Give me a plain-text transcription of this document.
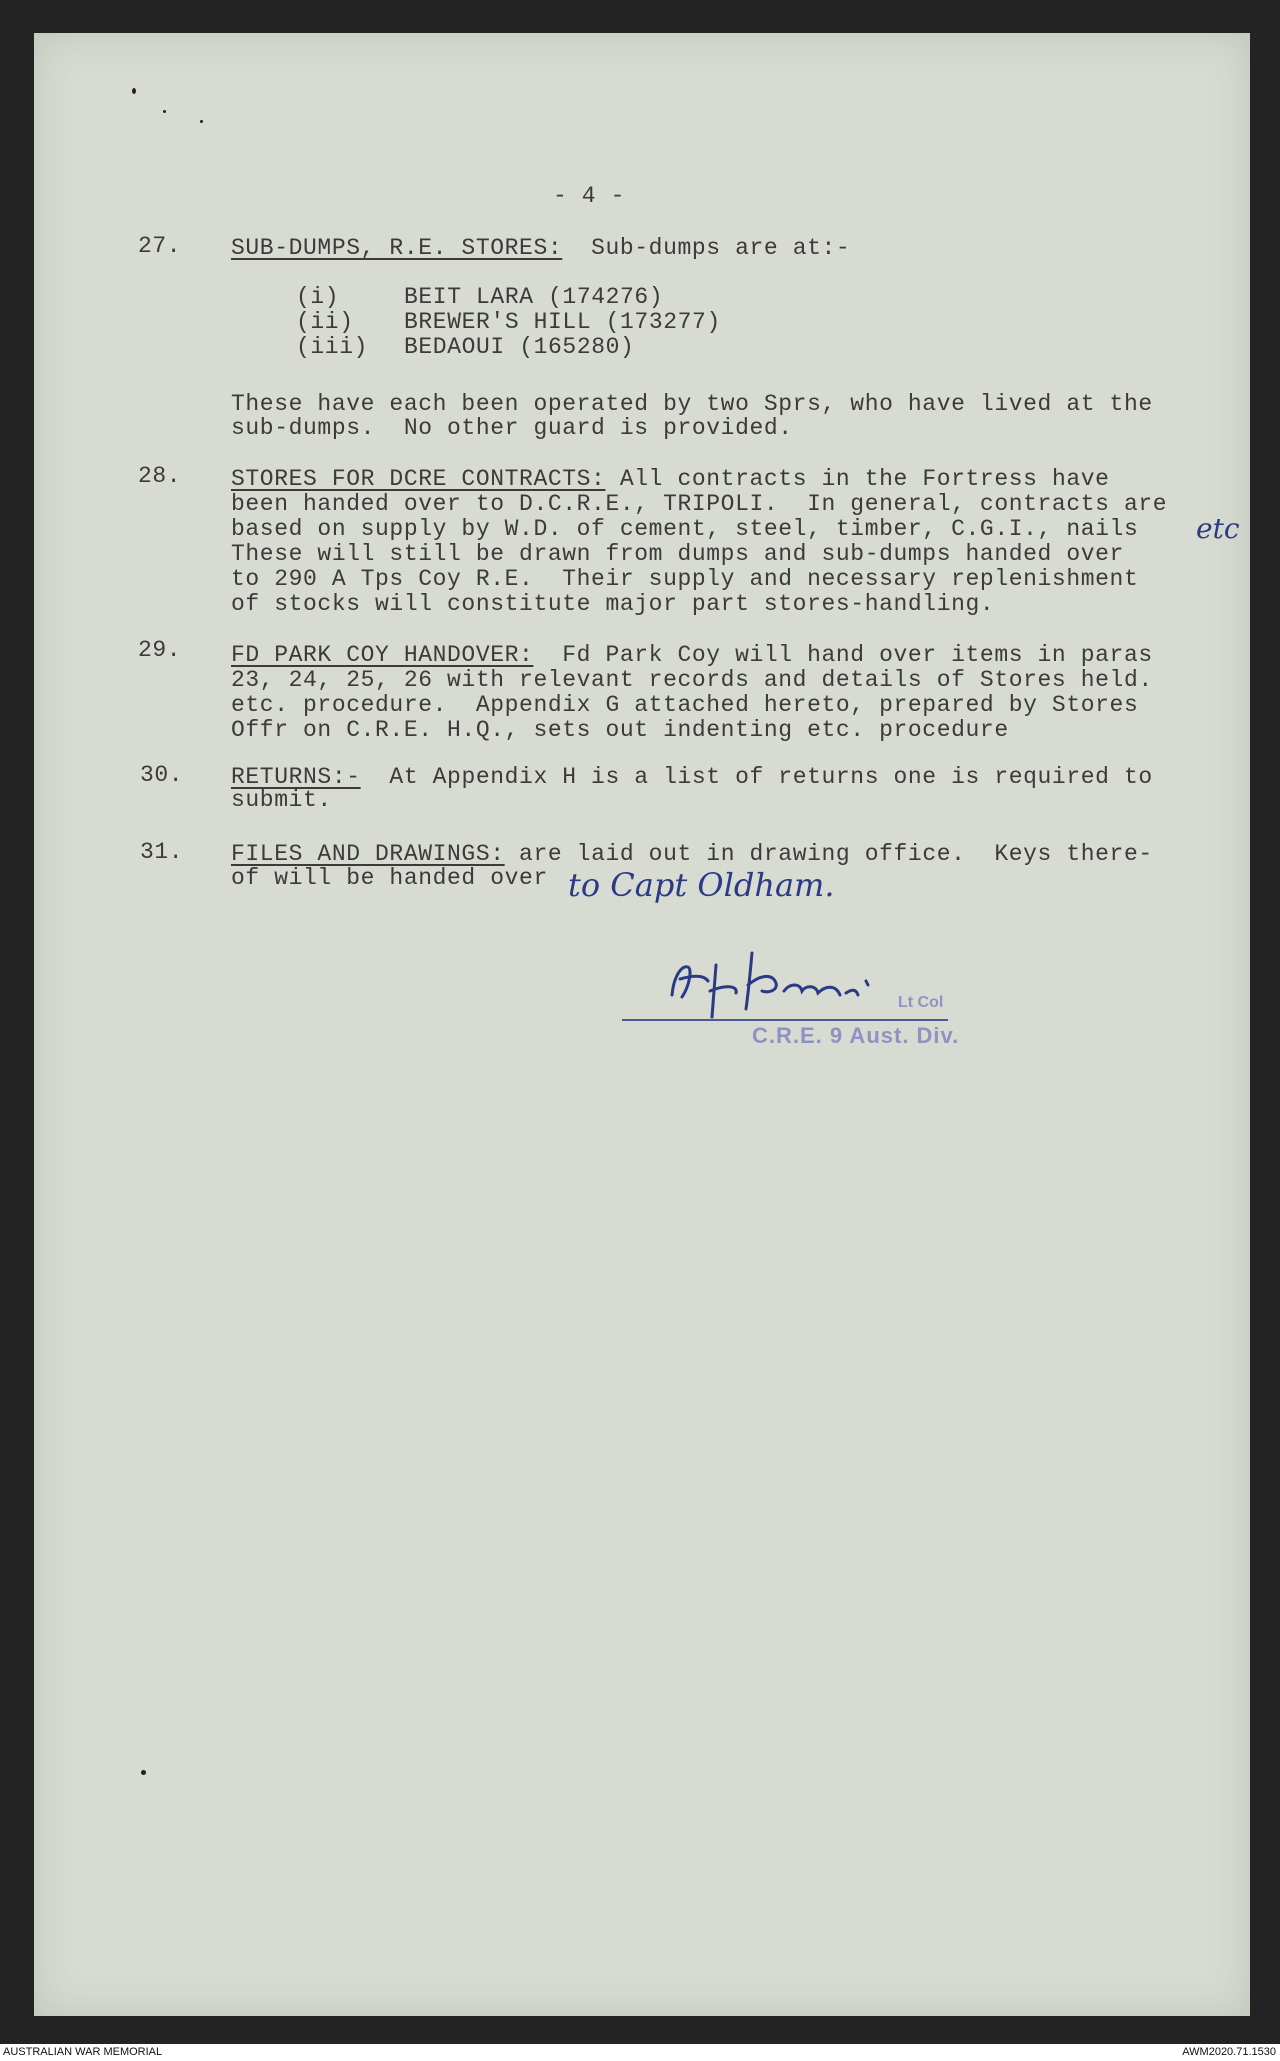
- 4 -
27. SUB-DUMPS, R.E. STORES:  Sub-dumps are at:-
(i)	BEIT LARA (174276)
(ii) BREWER'S HILL (173277)
(iii) BEDAOUI (165280)
These have each been operated by two Sprs, who have lived at the
sub-dumps.  No other guard is provided.
28. STORES FOR DCRE CONTRACTS: All contracts in the Fortress have
been handed over to D.C.R.E., TRIPOLI.  In general, contracts are
based on supply by W.D. of cement, steel, timber, C.G.I., nails
These will still be drawn from dumps and sub-dumps handed over
to 290 A Tps Coy R.E.  Their supply and necessary replenishment
of stocks will constitute major part stores-handling.
etc
29. FD PARK COY HANDOVER:  Fd Park Coy will hand over items in paras
23, 24, 25, 26 with relevant records and details of Stores held.
etc. procedure.  Appendix G attached hereto, prepared by Stores
Offr on C.R.E. H.Q., sets out indenting etc. procedure
30. RETURNS:-  At Appendix H is a list of returns one is required to
submit.
31. FILES AND DRAWINGS: are laid out in drawing office.  Keys there-
of will be handed over to Capt Oldham.
Lt Col
C.R.E. 9 Aust. Div.
AUSTRALIAN WAR MEMORIAL	AWM2020.71.1530
